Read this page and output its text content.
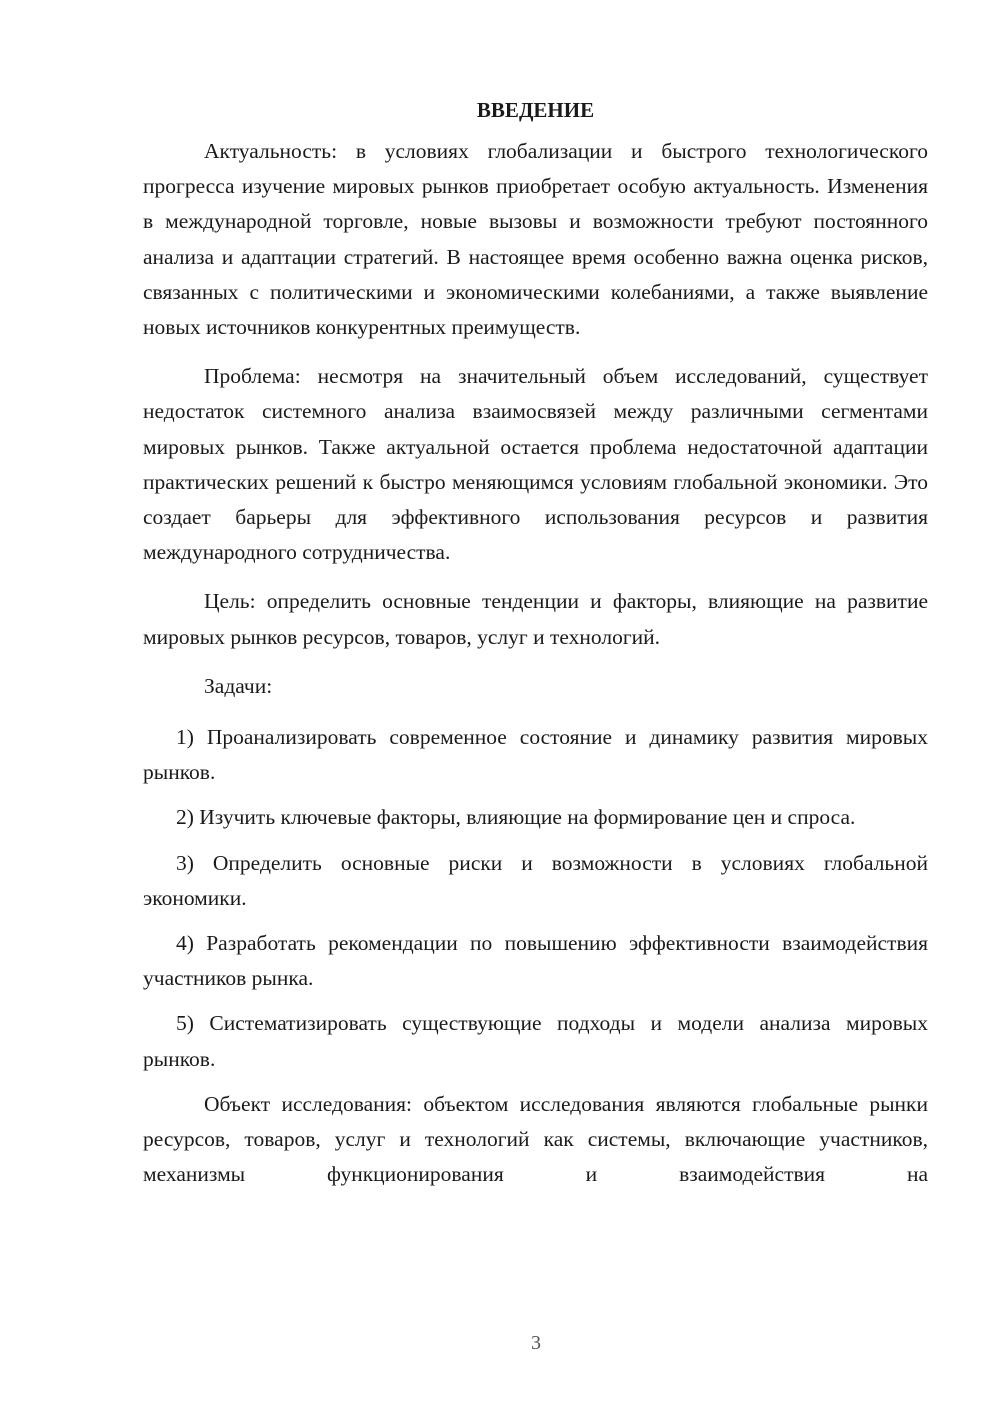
ВВЕДЕНИЕ

Актуальность: в условиях глобализации и быстрого технологического прогресса изучение мировых рынков приобретает особую актуальность. Изменения в международной торговле, новые вызовы и возможности требуют постоянного анализа и адаптации стратегий. В настоящее время особенно важна оценка рисков, связанных с политическими и экономическими колебаниями, а также выявление новых источников конкурентных преимуществ.

Проблема: несмотря на значительный объем исследований, существует недостаток системного анализа взаимосвязей между различными сегментами мировых рынков. Также актуальной остается проблема недостаточной адаптации практических решений к быстро меняющимся условиям глобальной экономики. Это создает барьеры для эффективного использования ресурсов и развития международного сотрудничества.

Цель: определить основные тенденции и факторы, влияющие на развитие мировых рынков ресурсов, товаров, услуг и технологий.

Задачи:

1) Проанализировать современное состояние и динамику развития мировых рынков.

2) Изучить ключевые факторы, влияющие на формирование цен и спроса.

3) Определить основные риски и возможности в условиях глобальной экономики.

4) Разработать рекомендации по повышению эффективности взаимодействия участников рынка.

5) Систематизировать существующие подходы и модели анализа мировых рынков.

Объект исследования: объектом исследования являются глобальные рынки ресурсов, товаров, услуг и технологий как системы, включающие участников, механизмы функционирования и взаимодействия на

3
